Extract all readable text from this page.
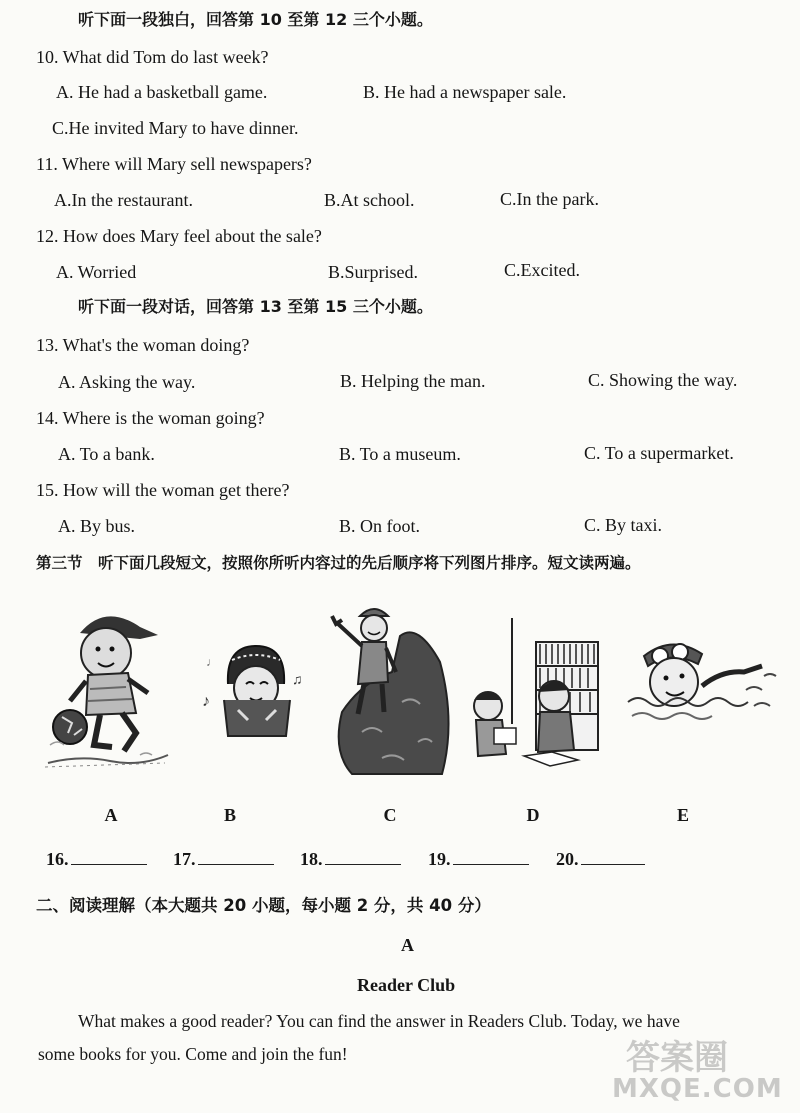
听下面一段独白，回答第 10 至第 12 三个小题。
10. What did Tom do last week?
A. He had a basketball game.	B. He had a newspaper sale.
C.He invited Mary to have dinner.
11. Where will Mary sell newspapers?
A.In the restaurant.	B.At school.	C.In the park.
12. How does Mary feel about the sale?
A. Worried	B.Surprised.	C.Excited.
听下面一段对话，回答第 13 至第 15 三个小题。
13. What's the woman doing?
A. Asking the way.	B. Helping the man.	C. Showing the way.
14. Where is the woman going?
A. To a bank.	B. To a museum.	C. To a supermarket.
15. How will the woman get there?
A. By bus.	B. On foot.	C. By taxi.
第三节　听下面几段短文，按照你所听内容过的先后顺序将下列图片排序。短文读两遍。
♪
♫
♩
A	B	C	D	E
16.	17.	18.	19.	20.
二、阅读理解（本大题共 20 小题，每小题 2 分，共 40 分）
A
Reader Club
What makes a good reader? You can find the answer in Readers Club. Today, we have
some books for you. Come and join the fun!	答案圈
MXQE.COM
